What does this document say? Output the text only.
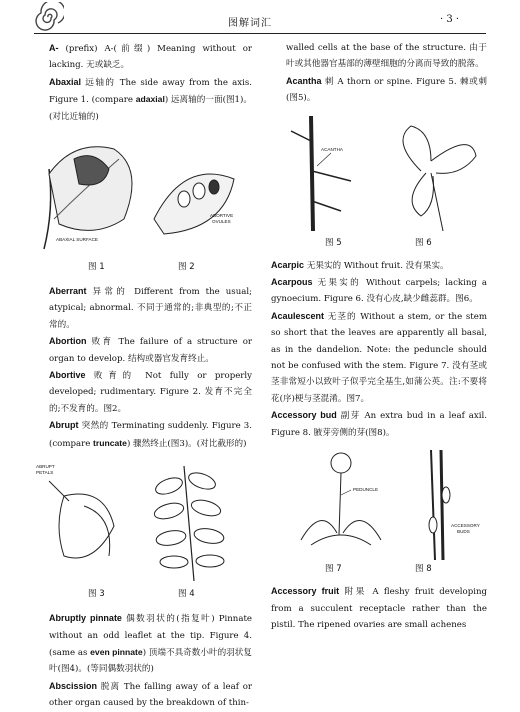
图解词汇	· 3 ·

A- (prefix) A-(前缀) Meaning without or lacking. 无或缺乏。

Abaxial 远轴的 The side away from the axis. Figure 1. (compare adaxial) 远离轴的一面(图1)。(对比近轴的)

ABAXIAL SURFACE
ABORTIVE
OVULES
图 1	图 2

Aberrant 异常的 Different from the usual; atypical; abnormal. 不同于通常的;非典型的;不正常的。

Abortion 败育 The failure of a structure or organ to develop. 结构或器官发育终止。

Abortive 败育的 Not fully or properly developed; rudimentary. Figure 2. 发育不完全的;不发育的。图2。

Abrupt 突然的 Terminating suddenly. Figure 3. (compare truncate) 骤然终止(图3)。(对比截形的)

ABRUPT
PETALS
图 3	图 4

Abruptly pinnate 偶数羽状的(指复叶) Pinnate without an odd leaflet at the tip. Figure 4. (same as even pinnate) 顶端不具奇数小叶的羽状复叶(图4)。(等同偶数羽状的)

Abscission 脱离 The falling away of a leaf or other organ caused by the breakdown of thin-

walled cells at the base of the structure. 由于叶或其他器官基部的薄壁细胞的分离而导致的脱落。

Acantha 刺 A thorn or spine. Figure 5. 棘或刺(图5)。

ACANTHA
图 5	图 6

Acarpic 无果实的 Without fruit. 没有果实。

Acarpous 无果实的 Without carpels; lacking a gynoecium. Figure 6. 没有心皮,缺少雌蕊群。图6。

Acaulescent 无茎的 Without a stem, or the stem so short that the leaves are apparently all basal, as in the dandelion. Note: the peduncle should not be confused with the stem. Figure 7. 没有茎或茎非常短小以致叶子似乎完全基生,如蒲公英。注:不要将花(序)梗与茎混淆。图7。

Accessory bud 副芽 An extra bud in a leaf axil. Figure 8. 腋芽旁侧的芽(图8)。

PEDUNCLE
ACCESSORY
BUDS
图 7	图 8

Accessory fruit 附果 A fleshy fruit developing from a succulent receptacle rather than the pistil. The ripened ovaries are small achenes
